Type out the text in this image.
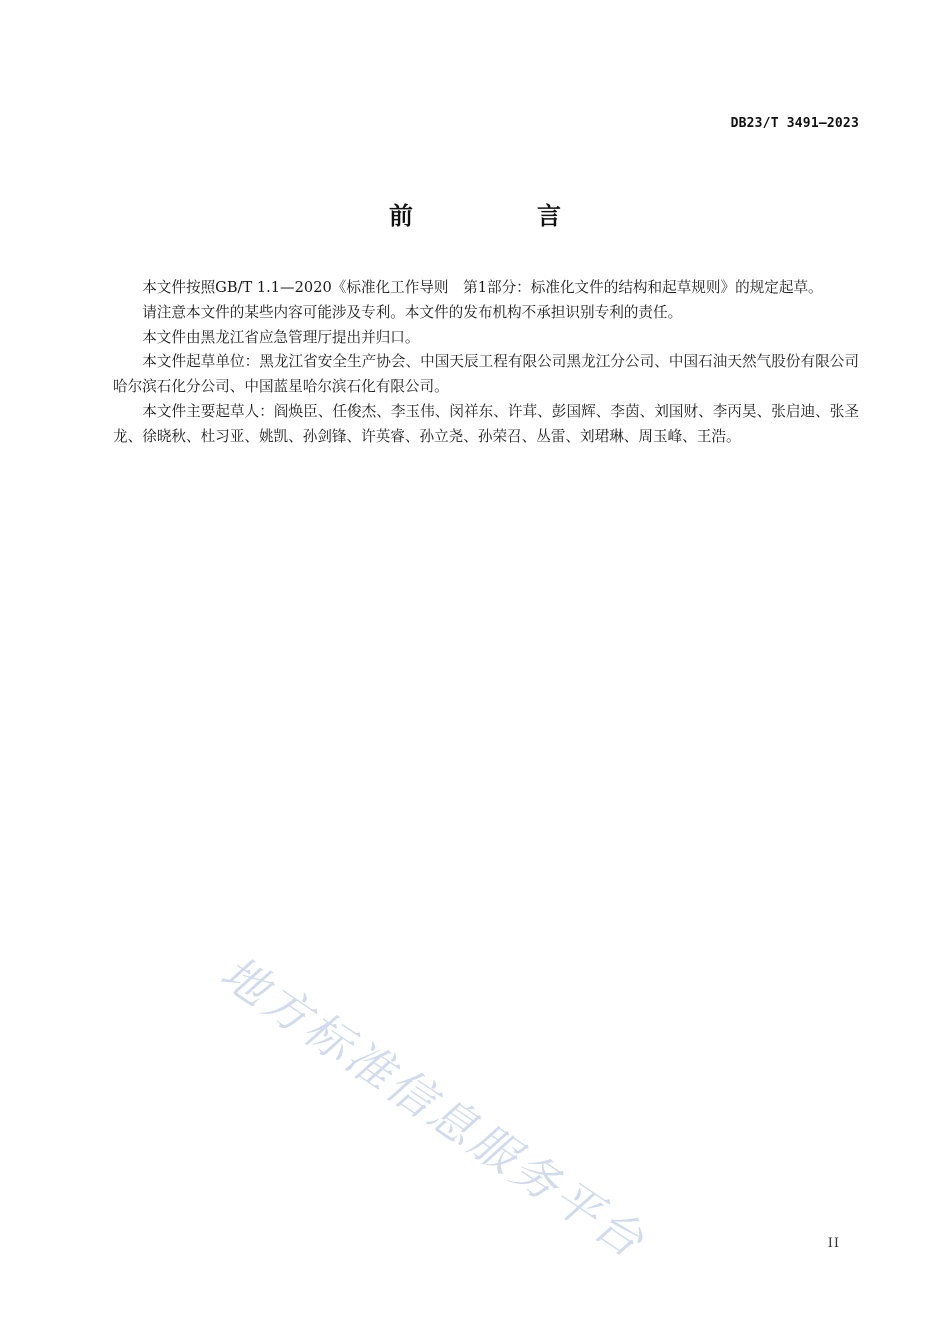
DB23/T 3491—2023
前　言

本文件按照GB/T 1.1—2020《标准化工作导则　第1部分：标准化文件的结构和起草规则》的规定起草。

请注意本文件的某些内容可能涉及专利。本文件的发布机构不承担识别专利的责任。

本文件由黑龙江省应急管理厅提出并归口。

本文件起草单位：黑龙江省安全生产协会、中国天辰工程有限公司黑龙江分公司、中国石油天然气股份有限公司哈尔滨石化分公司、中国蓝星哈尔滨石化有限公司。

本文件主要起草人：阎焕臣、任俊杰、李玉伟、闵祥东、许茸、彭国辉、李茵、刘国财、李丙昊、张启迪、张圣龙、徐晓秋、杜习亚、姚凯、孙剑锋、许英睿、孙立尧、孙荣召、丛雷、刘珺琳、周玉峰、王浩。

地方标准信息服务平台	II
